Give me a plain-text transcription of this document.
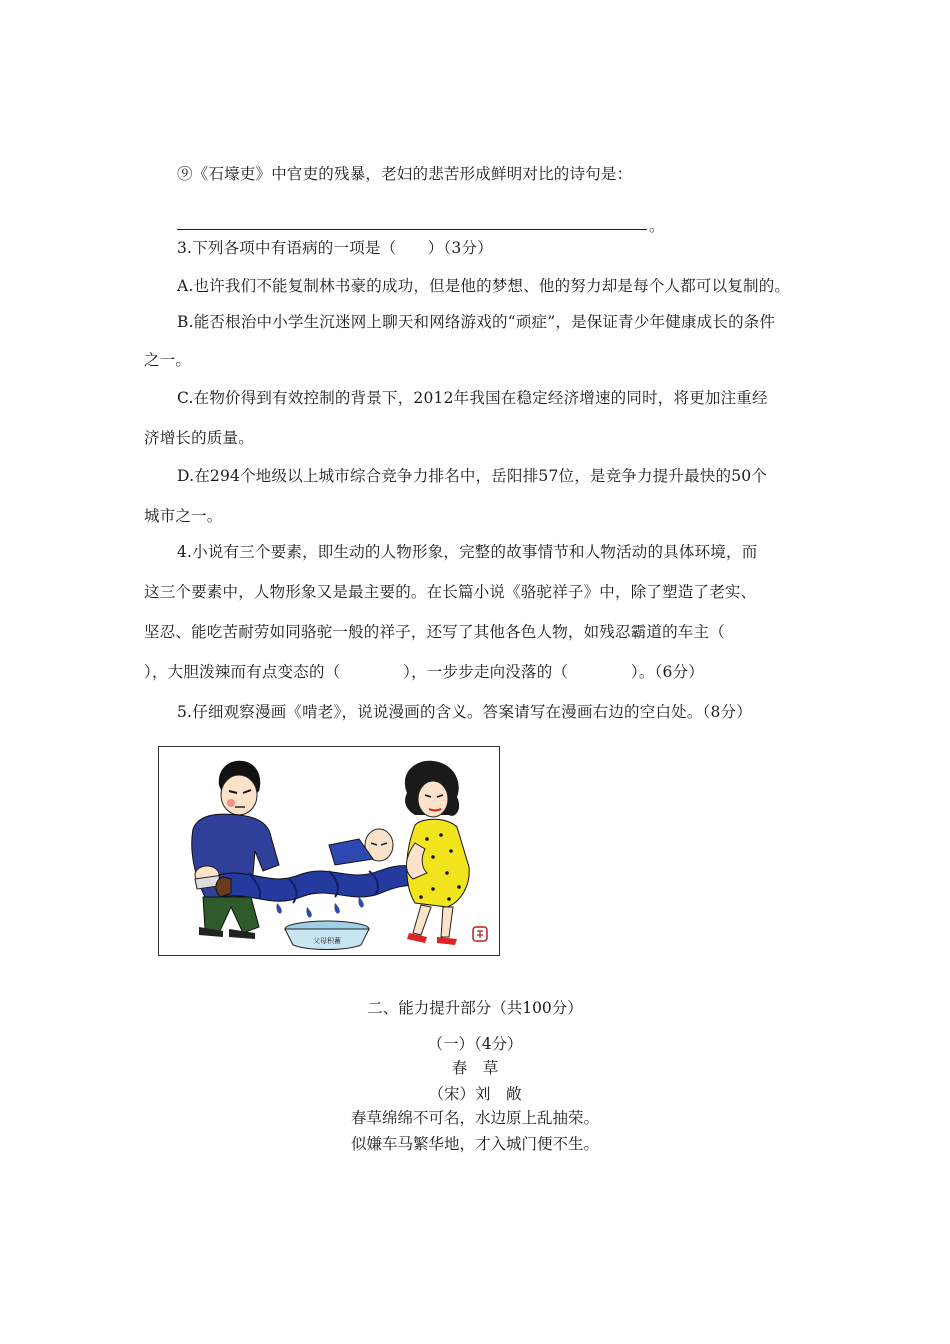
⑨《石壕吏》中官吏的残暴，老妇的悲苦形成鲜明对比的诗句是：
。
3.下列各项中有语病的一项是（　　）（3分）
A.也许我们不能复制林书豪的成功，但是他的梦想、他的努力却是每个人都可以复制的。
B.能否根治中小学生沉迷网上聊天和网络游戏的“顽症”，是保证青少年健康成长的条件
之一。
C.在物价得到有效控制的背景下，2012年我国在稳定经济增速的同时，将更加注重经
济增长的质量。
D.在294个地级以上城市综合竞争力排名中，岳阳排57位，是竞争力提升最快的50个
城市之一。
4.小说有三个要素，即生动的人物形象，完整的故事情节和人物活动的具体环境，而
这三个要素中，人物形象又是最主要的。在长篇小说《骆驼祥子》中，除了塑造了老实、
坚忍、能吃苦耐劳如同骆驼一般的祥子，还写了其他各色人物，如残忍霸道的车主（
），大胆泼辣而有点变态的（　　　　），一步步走向没落的（　　　　）。（6分）
5.仔细观察漫画《啃老》，说说漫画的含义。答案请写在漫画右边的空白处。（8分）
父母积蓄
二、能力提升部分（共100分）
（一）（4分）
春　草
（宋）刘　敞
春草绵绵不可名，水边原上乱抽荣。
似嫌车马繁华地，才入城门便不生。
